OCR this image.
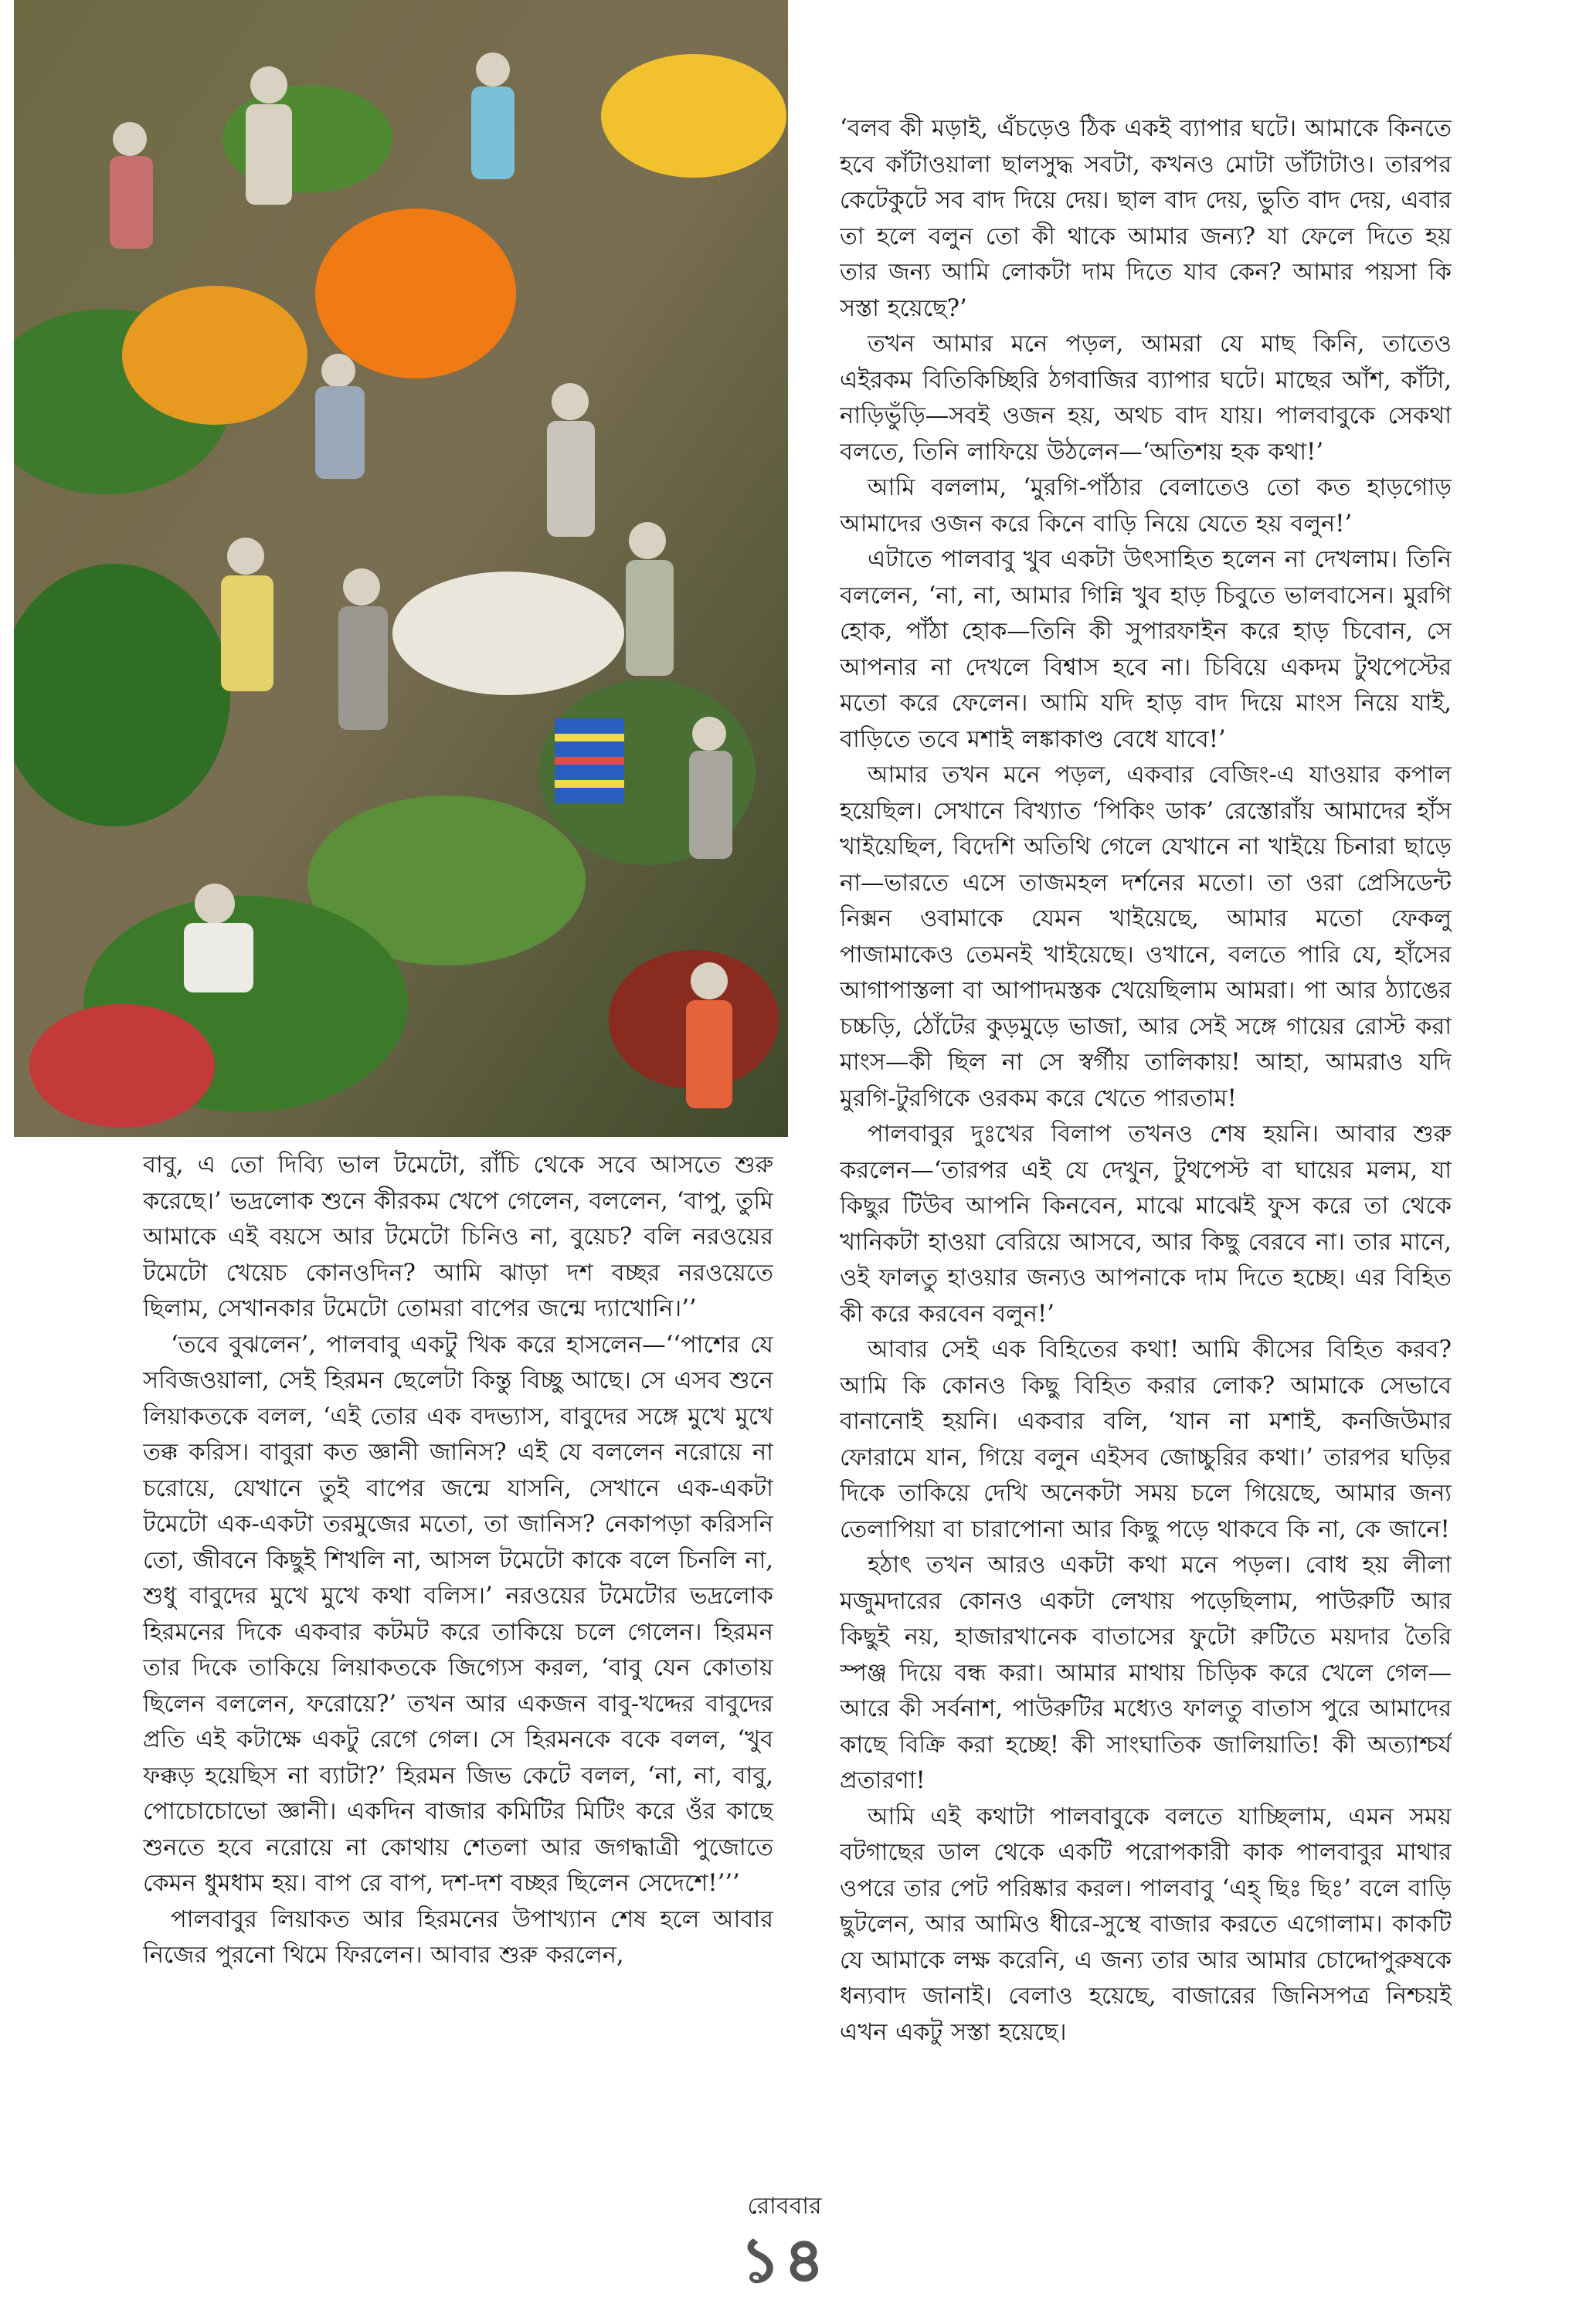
বাবু, এ তো দিব্যি ভাল টমেটো, রাঁচি থেকে সবে আসতে শুরু করেছে।’ ভদ্রলোক শুনে কীরকম খেপে গেলেন, বললেন, ‘বাপু, তুমি আমাকে এই বয়সে আর টমেটো চিনিও না, বুয়েচ? বলি নরওয়ের টমেটো খেয়েচ কোনওদিন? আমি ঝাড়া দশ বচ্ছর নরওয়েতে ছিলাম, সেখানকার টমেটো তোমরা বাপের জন্মে দ্যাখোনি।’’

‘তবে বুঝলেন’, পালবাবু একটু খিক করে হাসলেন—‘‘পাশের যে সবিজওয়ালা, সেই হিরমন ছেলেটা কিন্তু বিচ্ছু আছে। সে এসব শুনে লিয়াকতকে বলল, ‘এই তোর এক বদভ্যাস, বাবুদের সঙ্গে মুখে মুখে তক্ক করিস। বাবুরা কত জ্ঞানী জানিস? এই যে বললেন নরোয়ে না চরোয়ে, যেখানে তুই বাপের জন্মে যাসনি, সেখানে এক-একটা টমেটো এক-একটা তরমুজের মতো, তা জানিস? নেকাপড়া করিসনি তো, জীবনে কিছুই শিখলি না, আসল টমেটো কাকে বলে চিনলি না, শুধু বাবুদের মুখে মুখে কথা বলিস।’ নরওয়ের টমেটোর ভদ্রলোক হিরমনের দিকে একবার কটমট করে তাকিয়ে চলে গেলেন। হিরমন তার দিকে তাকিয়ে লিয়াকতকে জিগ্যেস করল, ‘বাবু যেন কোতায় ছিলেন বললেন, ফরোয়ে?’ তখন আর একজন বাবু-খদ্দের বাবুদের প্রতি এই কটাক্ষে একটু রেগে গেল। সে হিরমনকে বকে বলল, ‘খুব ফক্কড় হয়েছিস না ব্যাটা?’ হিরমন জিভ কেটে বলল, ‘না, না, বাবু, পোচোচোভো জ্ঞানী। একদিন বাজার কমিটির মিটিং করে ওঁর কাছে শুনতে হবে নরোয়ে না কোথায় শেতলা আর জগদ্ধাত্রী পুজোতে কেমন ধুমধাম হয়। বাপ রে বাপ, দশ-দশ বচ্ছর ছিলেন সেদেশে!’’’

পালবাবুর লিয়াকত আর হিরমনের উপাখ্যান শেষ হলে আবার নিজের পুরনো থিমে ফিরলেন। আবার শুরু করলেন,

‘বলব কী মড়াই, এঁচড়েও ঠিক একই ব্যাপার ঘটে। আমাকে কিনতে হবে কাঁটাওয়ালা ছালসুদ্ধ সবটা, কখনও মোটা ডাঁটাটাও। তারপর কেটেকুটে সব বাদ দিয়ে দেয়। ছাল বাদ দেয়, ভুতি বাদ দেয়, এবার তা হলে বলুন তো কী থাকে আমার জন্য? যা ফেলে দিতে হয় তার জন্য আমি লোকটা দাম দিতে যাব কেন? আমার পয়সা কি সস্তা হয়েছে?’

তখন আমার মনে পড়ল, আমরা যে মাছ কিনি, তাতেও এইরকম বিতিকিচ্ছিরি ঠগবাজির ব্যাপার ঘটে। মাছের আঁশ, কাঁটা, নাড়িভুঁড়ি—সবই ওজন হয়, অথচ বাদ যায়। পালবাবুকে সেকথা বলতে, তিনি লাফিয়ে উঠলেন—‘অতিশয় হক কথা!’

আমি বললাম, ‘মুরগি-পাঁঠার বেলাতেও তো কত হাড়গোড় আমাদের ওজন করে কিনে বাড়ি নিয়ে যেতে হয় বলুন!’

এটাতে পালবাবু খুব একটা উৎসাহিত হলেন না দেখলাম। তিনি বললেন, ‘না, না, আমার গিন্নি খুব হাড় চিবুতে ভালবাসেন। মুরগি হোক, পাঁঠা হোক—তিনি কী সুপারফাইন করে হাড় চিবোন, সে আপনার না দেখলে বিশ্বাস হবে না। চিবিয়ে একদম টুথপেস্টের মতো করে ফেলেন। আমি যদি হাড় বাদ দিয়ে মাংস নিয়ে যাই, বাড়িতে তবে মশাই লঙ্কাকাণ্ড বেধে যাবে!’

আমার তখন মনে পড়ল, একবার বেজিং-এ যাওয়ার কপাল হয়েছিল। সেখানে বিখ্যাত ‘পিকিং ডাক’ রেস্তোরাঁয় আমাদের হাঁস খাইয়েছিল, বিদেশি অতিথি গেলে যেখানে না খাইয়ে চিনারা ছাড়ে না—ভারতে এসে তাজমহল দর্শনের মতো। তা ওরা প্রেসিডেন্ট নিক্সন ওবামাকে যেমন খাইয়েছে, আমার মতো ফেকলু পাজামাকেও তেমনই খাইয়েছে। ওখানে, বলতে পারি যে, হাঁসের আগাপাস্তলা বা আপাদমস্তক খেয়েছিলাম আমরা। পা আর ঠ্যাঙের চচ্চড়ি, ঠোঁটের কুড়মুড়ে ভাজা, আর সেই সঙ্গে গায়ের রোস্ট করা মাংস—কী ছিল না সে স্বর্গীয় তালিকায়! আহা, আমরাও যদি মুরগি-টুরগিকে ওরকম করে খেতে পারতাম!

পালবাবুর দুঃখের বিলাপ তখনও শেষ হয়নি। আবার শুরু করলেন—‘তারপর এই যে দেখুন, টুথপেস্ট বা ঘায়ের মলম, যা কিছুর টিউব আপনি কিনবেন, মাঝে মাঝেই ফুস করে তা থেকে খানিকটা হাওয়া বেরিয়ে আসবে, আর কিছু বেরবে না। তার মানে, ওই ফালতু হাওয়ার জন্যও আপনাকে দাম দিতে হচ্ছে। এর বিহিত কী করে করবেন বলুন!’

আবার সেই এক বিহিতের কথা! আমি কীসের বিহিত করব? আমি কি কোনও কিছু বিহিত করার লোক? আমাকে সেভাবে বানানোই হয়নি। একবার বলি, ‘যান না মশাই, কনজিউমার ফোরামে যান, গিয়ে বলুন এইসব জোচ্চুরির কথা।’ তারপর ঘড়ির দিকে তাকিয়ে দেখি অনেকটা সময় চলে গিয়েছে, আমার জন্য তেলাপিয়া বা চারাপোনা আর কিছু পড়ে থাকবে কি না, কে জানে!

হঠাৎ তখন আরও একটা কথা মনে পড়ল। বোধ হয় লীলা মজুমদারের কোনও একটা লেখায় পড়েছিলাম, পাউরুটি আর কিছুই নয়, হাজারখানেক বাতাসের ফুটো রুটিতে ময়দার তৈরি স্পঞ্জ দিয়ে বন্ধ করা। আমার মাথায় চিড়িক করে খেলে গেল—আরে কী সর্বনাশ, পাউরুটির মধ্যেও ফালতু বাতাস পুরে আমাদের কাছে বিক্রি করা হচ্ছে! কী সাংঘাতিক জালিয়াতি! কী অত্যাশ্চর্য প্রতারণা!

আমি এই কথাটা পালবাবুকে বলতে যাচ্ছিলাম, এমন সময় বটগাছের ডাল থেকে একটি পরোপকারী কাক পালবাবুর মাথার ওপরে তার পেট পরিষ্কার করল। পালবাবু ‘এহ্ ছিঃ ছিঃ’ বলে বাড়ি ছুটলেন, আর আমিও ধীরে-সুস্থে বাজার করতে এগোলাম। কাকটি যে আমাকে লক্ষ করেনি, এ জন্য তার আর আমার চোদ্দোপুরুষকে ধন্যবাদ জানাই। বেলাও হয়েছে, বাজারের জিনিসপত্র নিশ্চয়ই এখন একটু সস্তা হয়েছে।

রোববার
১৪
